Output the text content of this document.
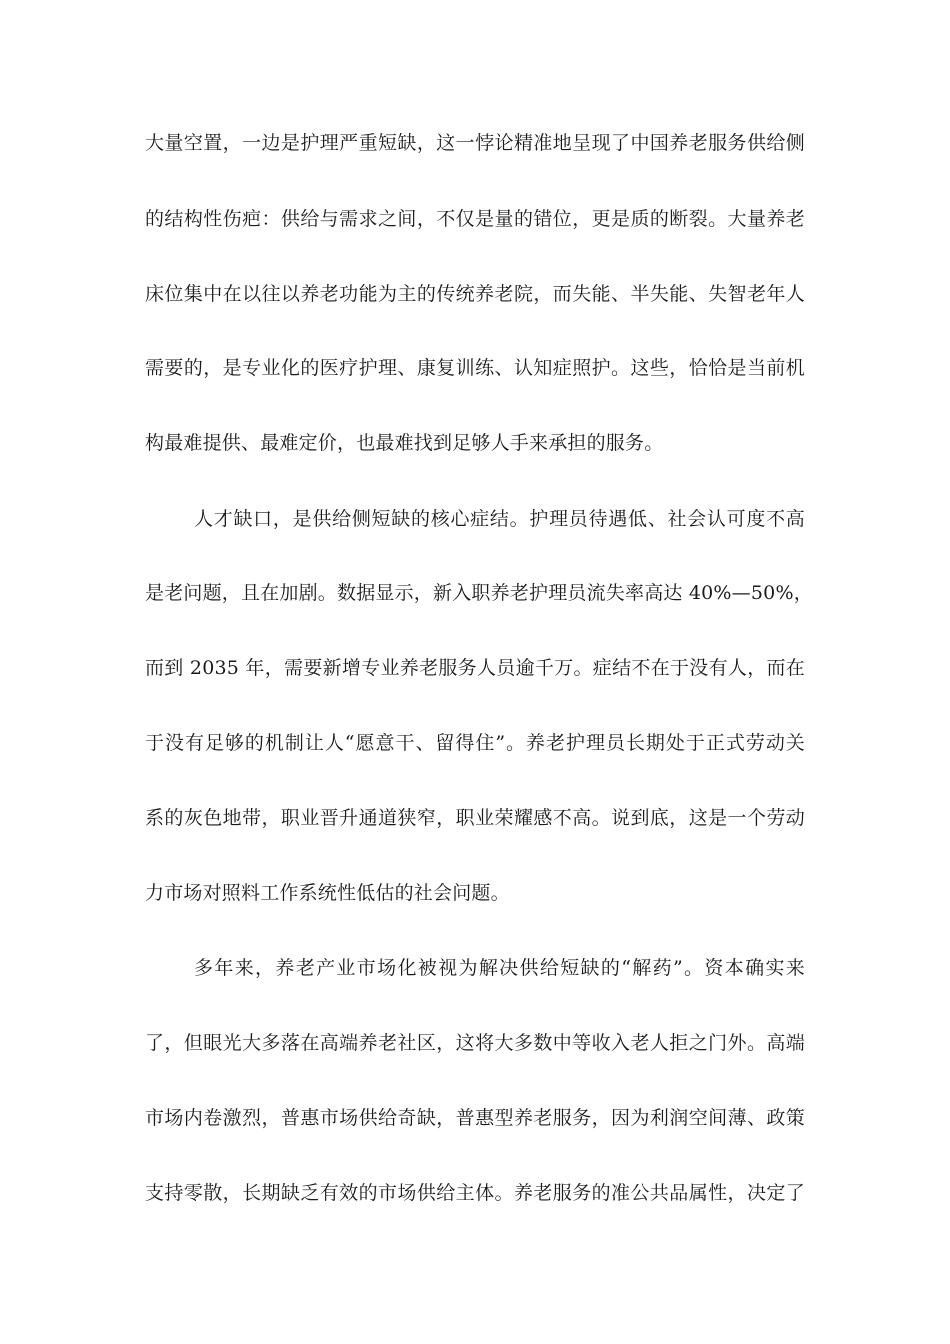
大量空置，一边是护理严重短缺，这一悖论精准地呈现了中国养老服务供给侧
的结构性伤疤：供给与需求之间，不仅是量的错位，更是质的断裂。大量养老
床位集中在以往以养老功能为主的传统养老院，而失能、半失能、失智老年人
需要的，是专业化的医疗护理、康复训练、认知症照护。这些，恰恰是当前机
构最难提供、最难定价，也最难找到足够人手来承担的服务。
人才缺口，是供给侧短缺的核心症结。护理员待遇低、社会认可度不高
是老问题，且在加剧。数据显示，新入职养老护理员流失率高达 40%—50%，
而到 2035 年，需要新增专业养老服务人员逾千万。症结不在于没有人，而在
于没有足够的机制让人“愿意干、留得住”。养老护理员长期处于正式劳动关
系的灰色地带，职业晋升通道狭窄，职业荣耀感不高。说到底，这是一个劳动
力市场对照料工作系统性低估的社会问题。
多年来，养老产业市场化被视为解决供给短缺的“解药”。资本确实来
了，但眼光大多落在高端养老社区，这将大多数中等收入老人拒之门外。高端
市场内卷激烈，普惠市场供给奇缺，普惠型养老服务，因为利润空间薄、政策
支持零散，长期缺乏有效的市场供给主体。养老服务的准公共品属性，决定了
